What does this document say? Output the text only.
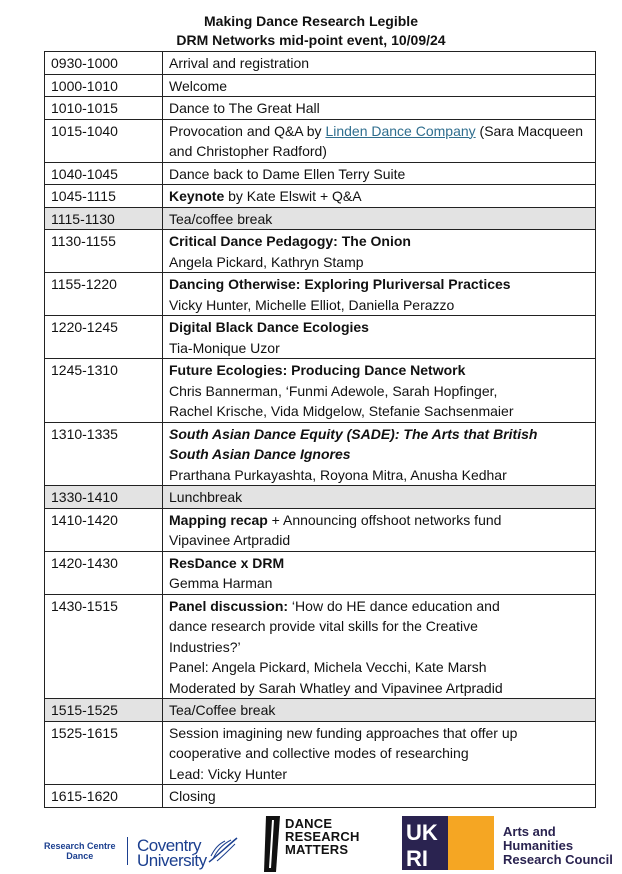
Making Dance Research Legible
DRM Networks mid-point event, 10/09/24
0930-1000	Arrival and registration
1000-1010	Welcome
1010-1015	Dance to The Great Hall
1015-1040	Provocation and Q&A by Linden Dance Company (Sara Macqueen and Christopher Radford)
1040-1045	Dance back to Dame Ellen Terry Suite
1045-1115	Keynote by Kate Elswit + Q&A
1115-1130	Tea/coffee break
1130-1155	Critical Dance Pedagogy: The Onion
Angela Pickard, Kathryn Stamp

1155-1220	Dancing Otherwise: Exploring Pluriversal Practices
Vicky Hunter, Michelle Elliot, Daniella Perazzo

1220-1245	Digital Black Dance Ecologies
Tia-Monique Uzor

1245-1310	Future Ecologies: Producing Dance Network
Chris Bannerman, ‘Funmi Adewole, Sarah Hopfinger,
Rachel Krische, Vida Midgelow, Stefanie Sachsenmaier

1310-1335	South Asian Dance Equity (SADE): The Arts that British
South Asian Dance Ignores
Prarthana Purkayashta, Royona Mitra, Anusha Kedhar

1330-1410	Lunchbreak
1410-1420	Mapping recap + Announcing offshoot networks fund
Vipavinee Artpradid

1420-1430	ResDance x DRM
Gemma Harman

1430-1515	Panel discussion: ‘How do HE dance education and
dance research provide vital skills for the Creative
Industries?’
Panel: Angela Pickard, Michela Vecchi, Kate Marsh
Moderated by Sarah Whatley and Vipavinee Artpradid

1515-1525	Tea/Coffee break
1525-1615	Session imagining new funding approaches that offer up
cooperative and collective modes of researching
Lead: Vicky Hunter

1615-1620	Closing
Research Centre
Dance
Coventry
University
DANCE
RESEARCH
MATTERS
UK
RI
Arts and
Humanities
Research Council
